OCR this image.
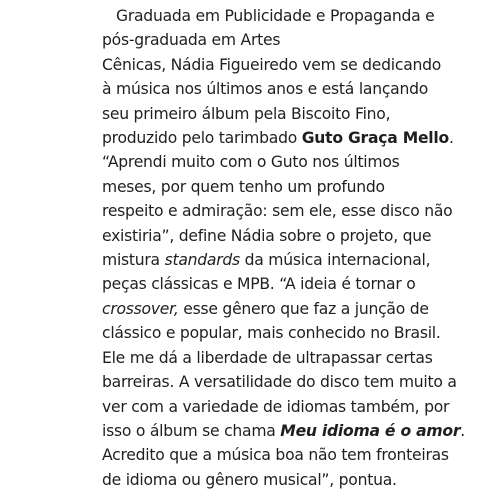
Graduada em Publicidade e Propaganda e
pós-graduada em Artes
Cênicas, Nádia Figueiredo vem se dedicando
à música nos últimos anos e está lançando
seu primeiro álbum pela Biscoito Fino,
produzido pelo tarimbado Guto Graça Mello.
“Aprendi muito com o Guto nos últimos
meses, por quem tenho um profundo
respeito e admiração: sem ele, esse disco não
existiria”, define Nádia sobre o projeto, que
mistura standards da música internacional,
peças clássicas e MPB. “A ideia é tornar o
crossover, esse gênero que faz a junção de
clássico e popular, mais conhecido no Brasil.
Ele me dá a liberdade de ultrapassar certas
barreiras. A versatilidade do disco tem muito a
ver com a variedade de idiomas também, por
isso o álbum se chama Meu idioma é o amor.
Acredito que a música boa não tem fronteiras
de idioma ou gênero musical”, pontua.
